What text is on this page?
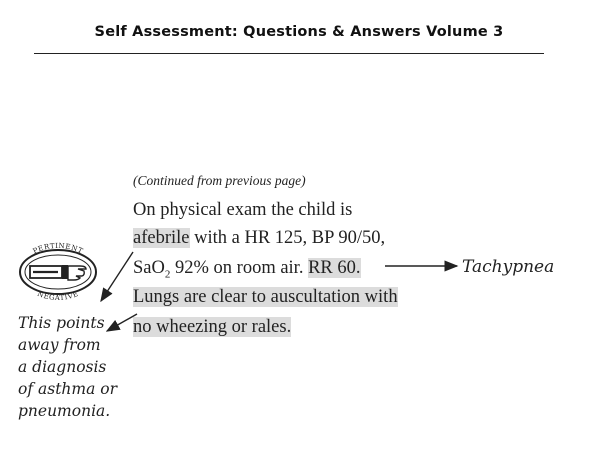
Self Assessment: Questions & Answers Volume 3
(Continued from previous page)
On physical exam the child is
afebrile with a HR 125, BP 90/50,
SaO$_2$ 92% on room air. RR 60.
Lungs are clear to auscultation with
no wheezing or rales.
Tachypnea
This points
away from
a diagnosis
of asthma or
pneumonia.
PERTINENT
NEGATIVE
